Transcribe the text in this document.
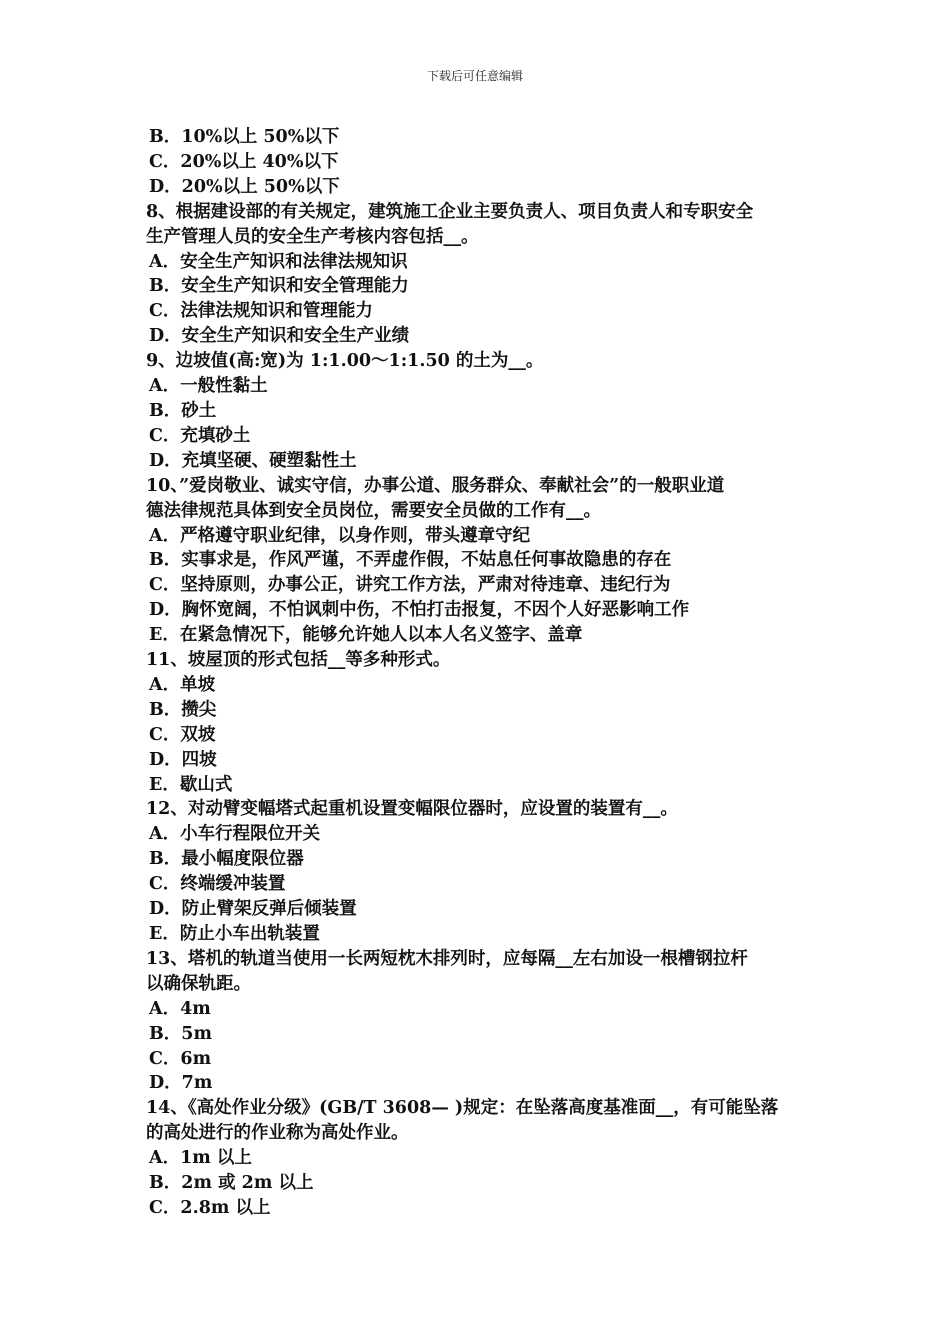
下载后可任意编辑
B．10%以上 50%以下
C．20%以上 40%以下
D．20%以上 50%以下
8、根据建设部的有关规定，建筑施工企业主要负责人、项目负责人和专职安全
生产管理人员的安全生产考核内容包括__。
A．安全生产知识和法律法规知识
B．安全生产知识和安全管理能力
C．法律法规知识和管理能力
D．安全生产知识和安全生产业绩
9、边坡值(高:宽)为 1:1.00～1:1.50 的土为__。
A．一般性黏土
B．砂土
C．充填砂土
D．充填坚硬、硬塑黏性土
10、”爱岗敬业、诚实守信，办事公道、服务群众、奉献社会”的一般职业道
德法律规范具体到安全员岗位，需要安全员做的工作有__。
A．严格遵守职业纪律，以身作则，带头遵章守纪
B．实事求是，作风严谨，不弄虚作假，不姑息任何事故隐患的存在
C．坚持原则，办事公正，讲究工作方法，严肃对待违章、违纪行为
D．胸怀宽阔，不怕讽刺中伤，不怕打击报复，不因个人好恶影响工作
E．在紧急情况下，能够允许她人以本人名义签字、盖章
11、坡屋顶的形式包括__等多种形式。
A．单坡
B．攒尖
C．双坡
D．四坡
E．歇山式
12、对动臂变幅塔式起重机设置变幅限位器时，应设置的装置有__。
A．小车行程限位开关
B．最小幅度限位器
C．终端缓冲装置
D．防止臂架反弹后倾装置
E．防止小车出轨装置
13、塔机的轨道当使用一长两短枕木排列时，应每隔__左右加设一根槽钢拉杆
以确保轨距。
A．4m
B．5m
C．6m
D．7m
14、《高处作业分级》(GB/T 3608— )规定：在坠落高度基准面__，有可能坠落
的高处进行的作业称为高处作业。
A．1m 以上
B．2m 或 2m 以上
C．2.8m 以上
